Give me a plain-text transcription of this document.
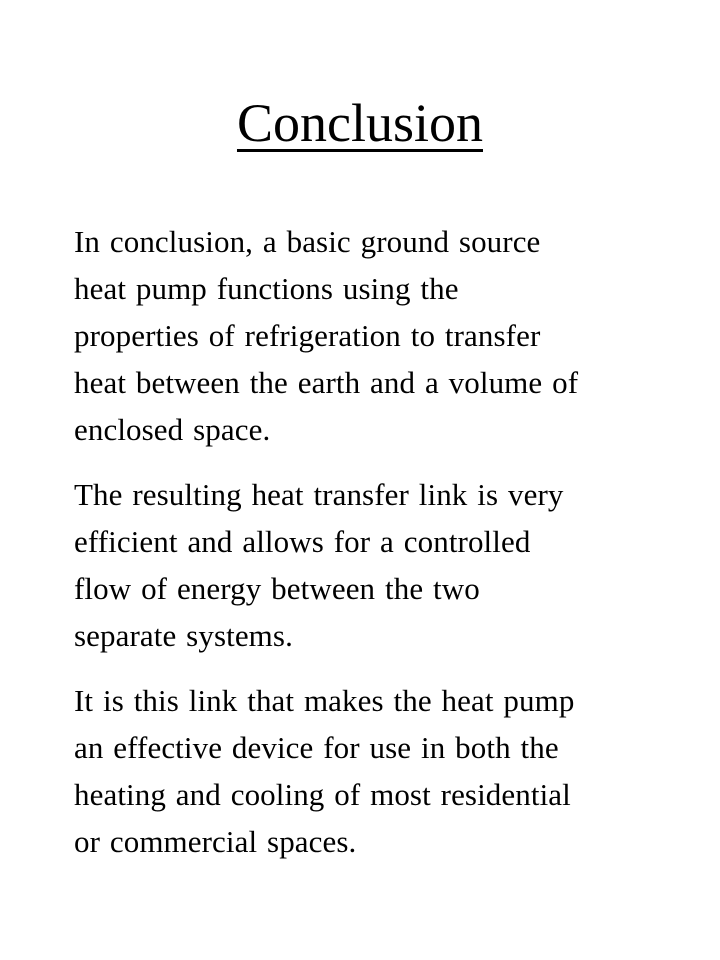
Conclusion

In conclusion, a basic ground source
heat pump functions using the
properties of refrigeration to transfer
heat between the earth and a volume of
enclosed space.

The resulting heat transfer link is very
efficient and allows for a controlled
flow of energy between the two
separate systems.

It is this link that makes the heat pump
an effective device for use in both the
heating and cooling of most residential
or commercial spaces.
